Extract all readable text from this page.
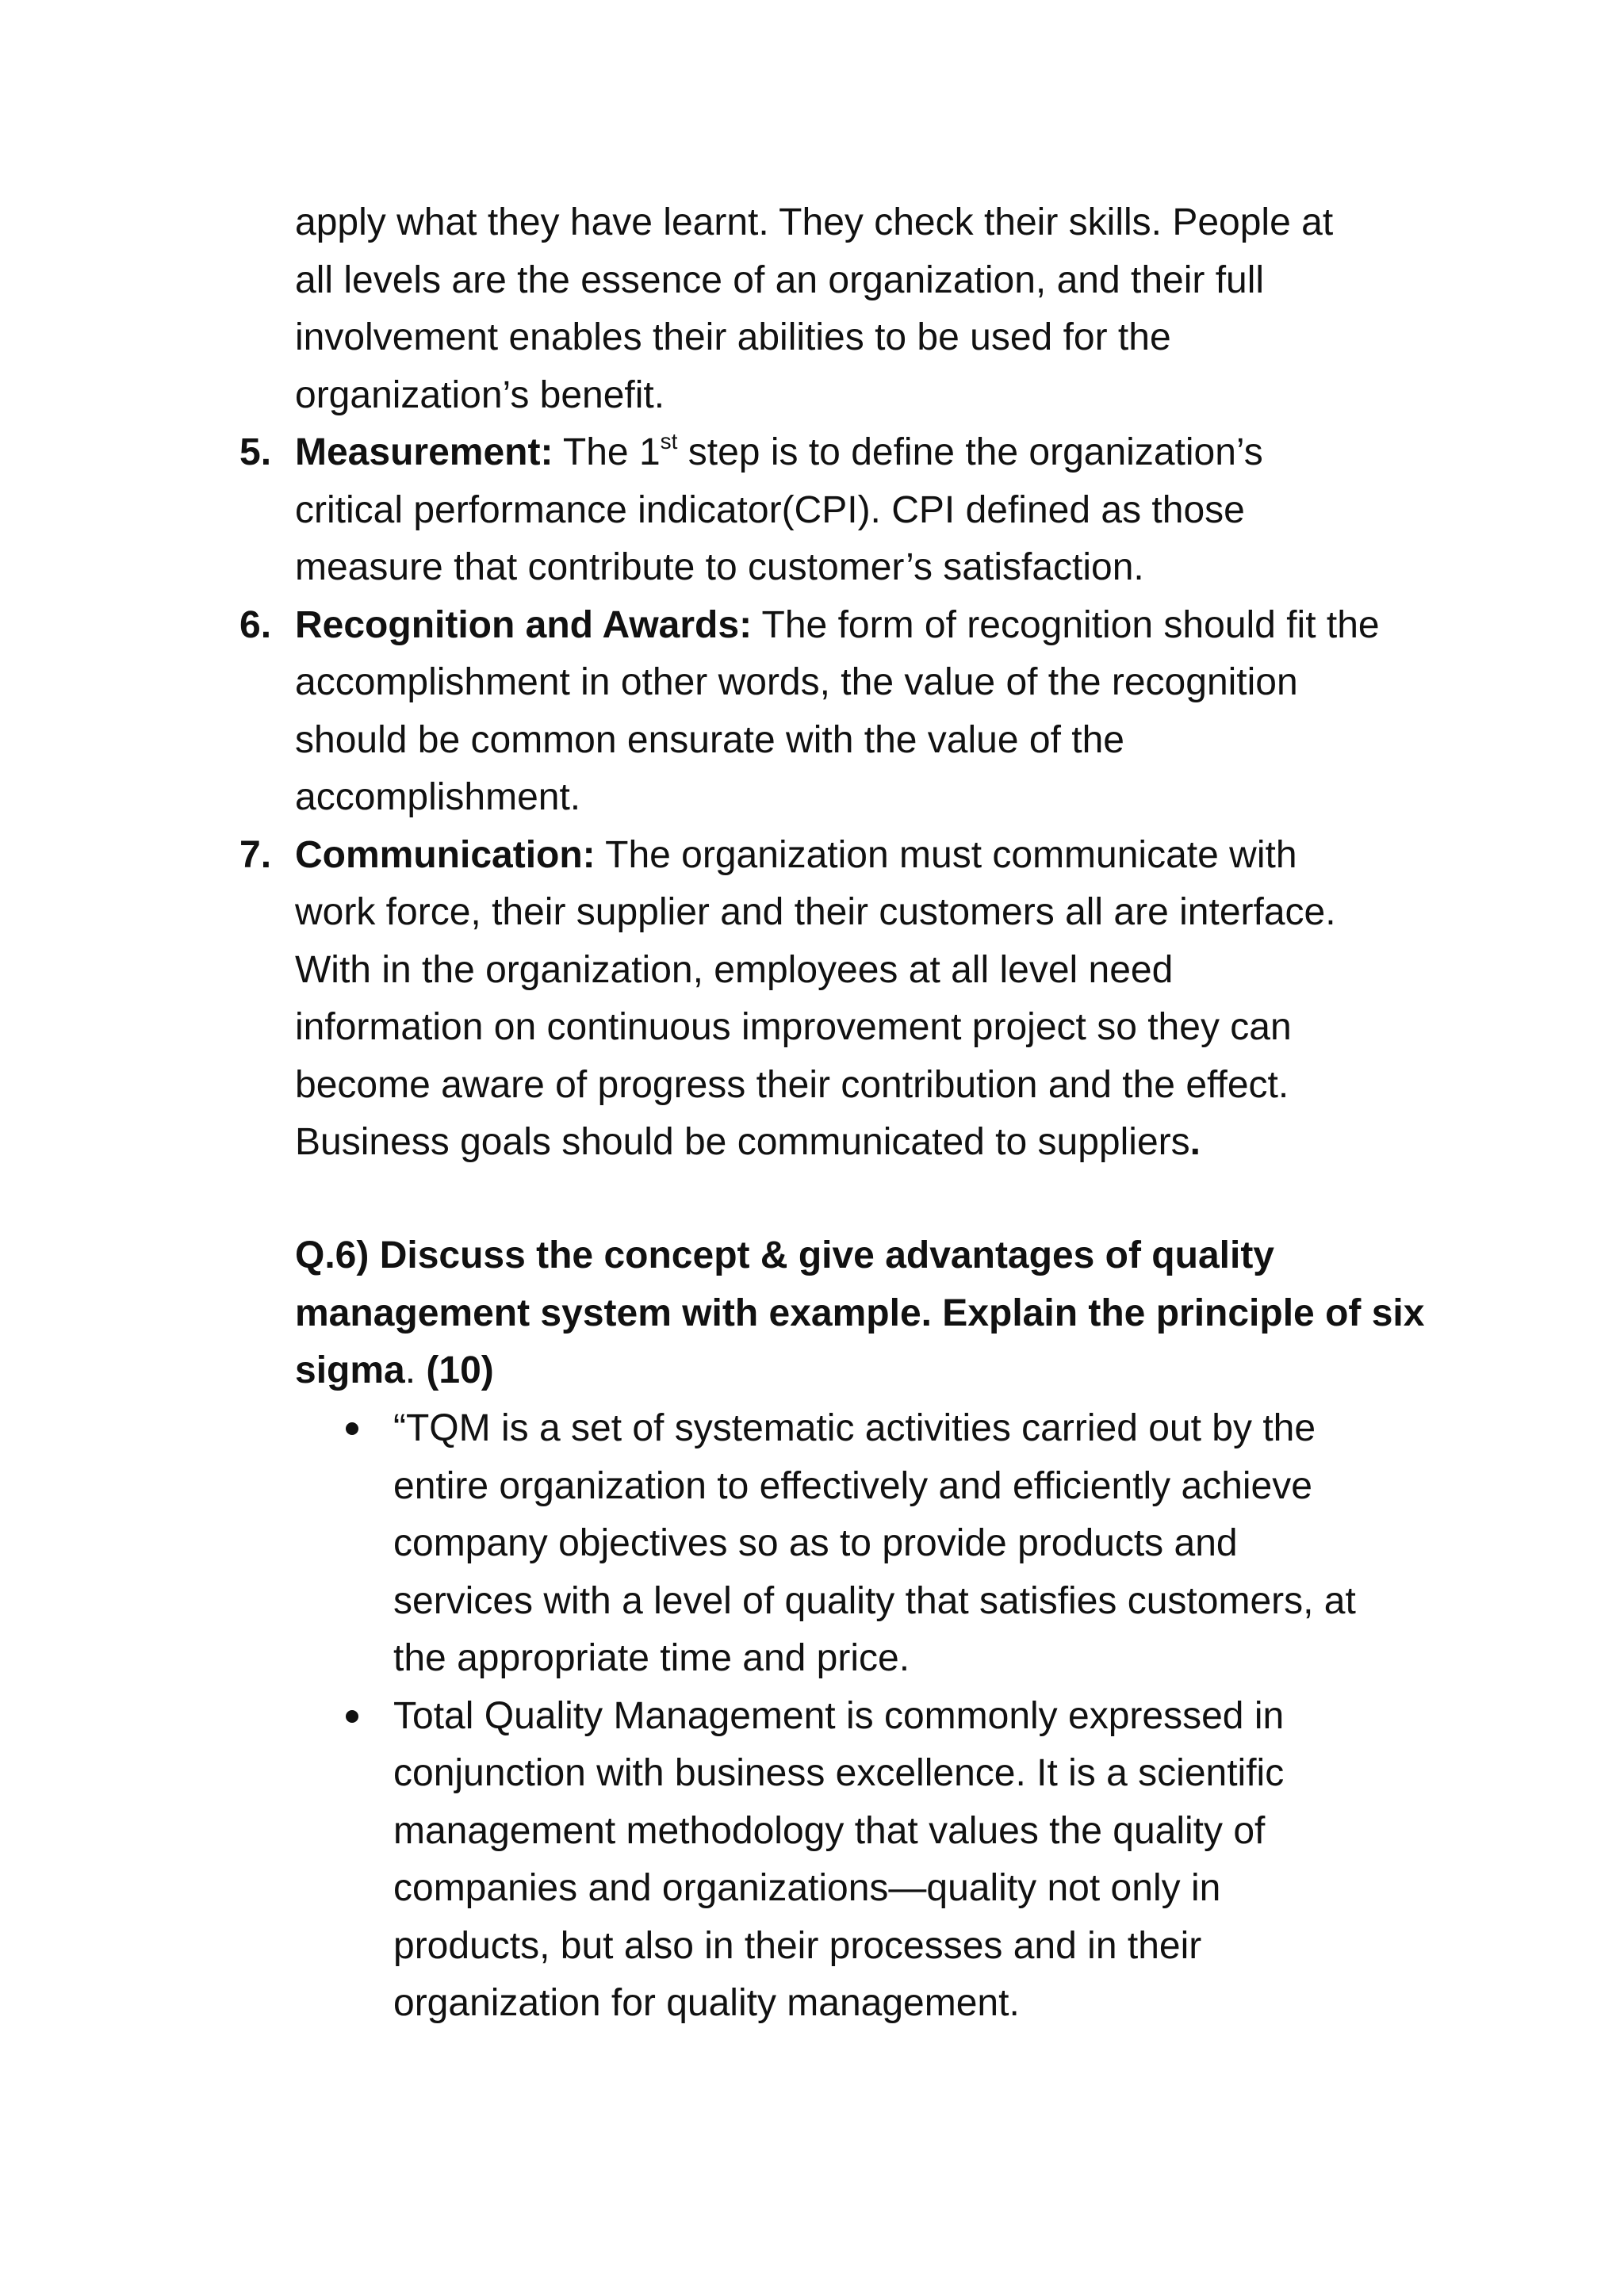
apply what they have learnt. They check their skills. People at
all levels are the essence of an organization, and their full
involvement enables their abilities to be used for the
organization’s benefit.
5. Measurement: The 1st step is to define the organization’s
critical performance indicator(CPI). CPI defined as those
measure that contribute to customer’s satisfaction.
6. Recognition and Awards: The form of recognition should fit the
accomplishment in other words, the value of the recognition
should be common ensurate with the value of the
accomplishment.
7. Communication: The organization must communicate with
work force, their supplier and their customers all are interface.
With in the organization, employees at all level need
information on continuous improvement project so they can
become aware of progress their contribution and the effect.
Business goals should be communicated to suppliers.
Q.6) Discuss the concept & give advantages of quality
management system with example. Explain the principle of six
sigma. (10)
“TQM is a set of systematic activities carried out by the
entire organization to effectively and efficiently achieve
company objectives so as to provide products and
services with a level of quality that satisfies customers, at
the appropriate time and price.
Total Quality Management is commonly expressed in
conjunction with business excellence. It is a scientific
management methodology that values the quality of
companies and organizations—quality not only in
products, but also in their processes and in their
organization for quality management.
